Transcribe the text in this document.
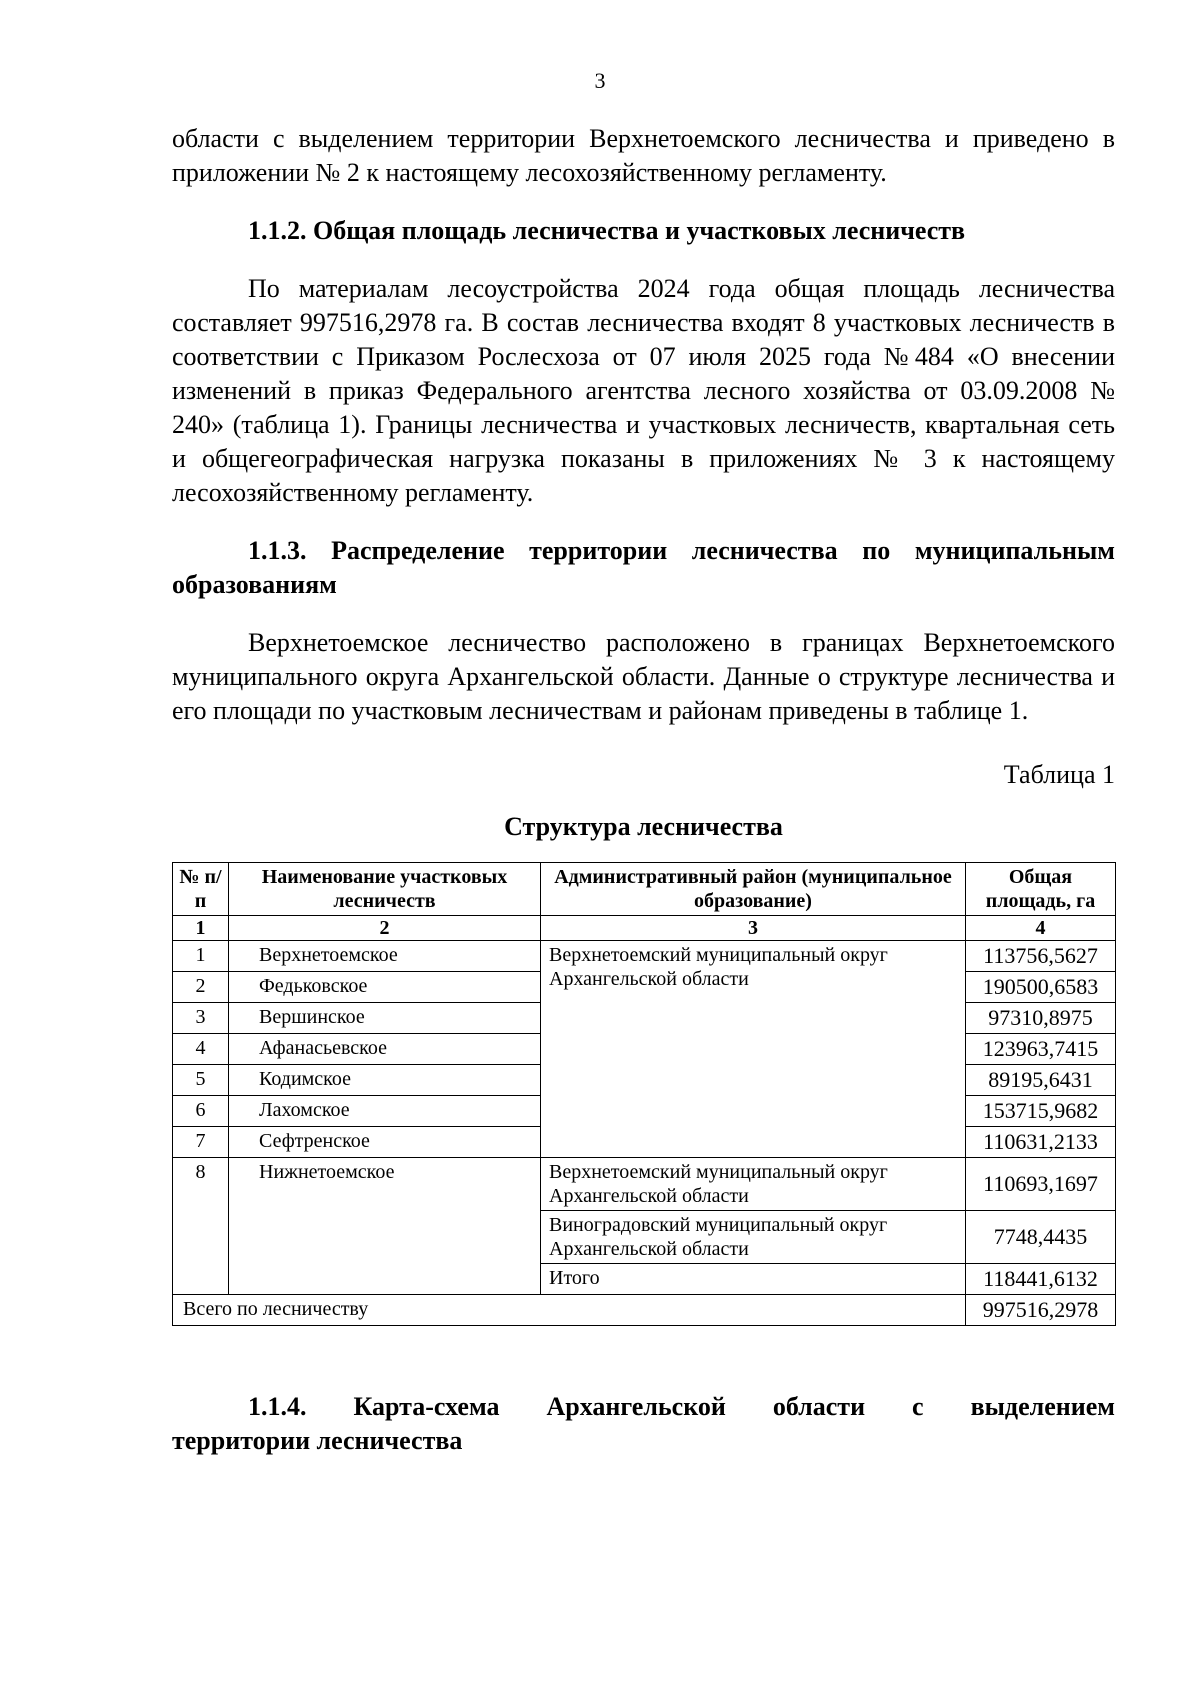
3

области с выделением территории Верхнетоемского лесничества и приведено в приложении № 2 к настоящему лесохозяйственному регламенту.

1.1.2. Общая площадь лесничества и участковых лесничеств

По материалам лесоустройства 2024 года общая площадь лесничества составляет 997516,2978 га. В состав лесничества входят 8 участковых лесничеств в соответствии с Приказом Рослесхоза от 07 июля 2025 года №484 «О внесении изменений в приказ Федерального агентства лесного хозяйства от 03.09.2008 № 240» (таблица 1). Границы лесничества и участковых лесничеств, квартальная сеть и общегеографическая нагрузка показаны в приложениях № 3 к настоящему лесохозяйственному регламенту.

1.1.3. Распределение территории лесничества по муниципальным образованиям

Верхнетоемское лесничество расположено в границах Верхнетоемского муниципального округа Архангельской области. Данные о структуре лесничества и его площади по участковым лесничествам и районам приведены в таблице 1.

Таблица 1
Структура лесничества
№ п/п	Наименование участковых лесничеств	Административный район (муниципальное образование)	Общая площадь, га
1	2	3	4
1	Верхнетоемское	Верхнетоемский муниципальный округ Архангельской области	113756,5627
2	Федьковское		190500,6583
3	Вершинское		97310,8975
4	Афанасьевское		123963,7415
5	Кодимское		89195,6431
6	Лахомское		153715,9682
7	Сефтренское		110631,2133
8	Нижнетоемское	Верхнетоемский муниципальный округ Архангельской области	110693,1697
		Виноградовский муниципальный округ Архангельской области	7748,4435
		Итого	118441,6132
Всего по лесничеству			997516,2978
1.1.4. Карта-схема Архангельской области с выделением
территории лесничества
